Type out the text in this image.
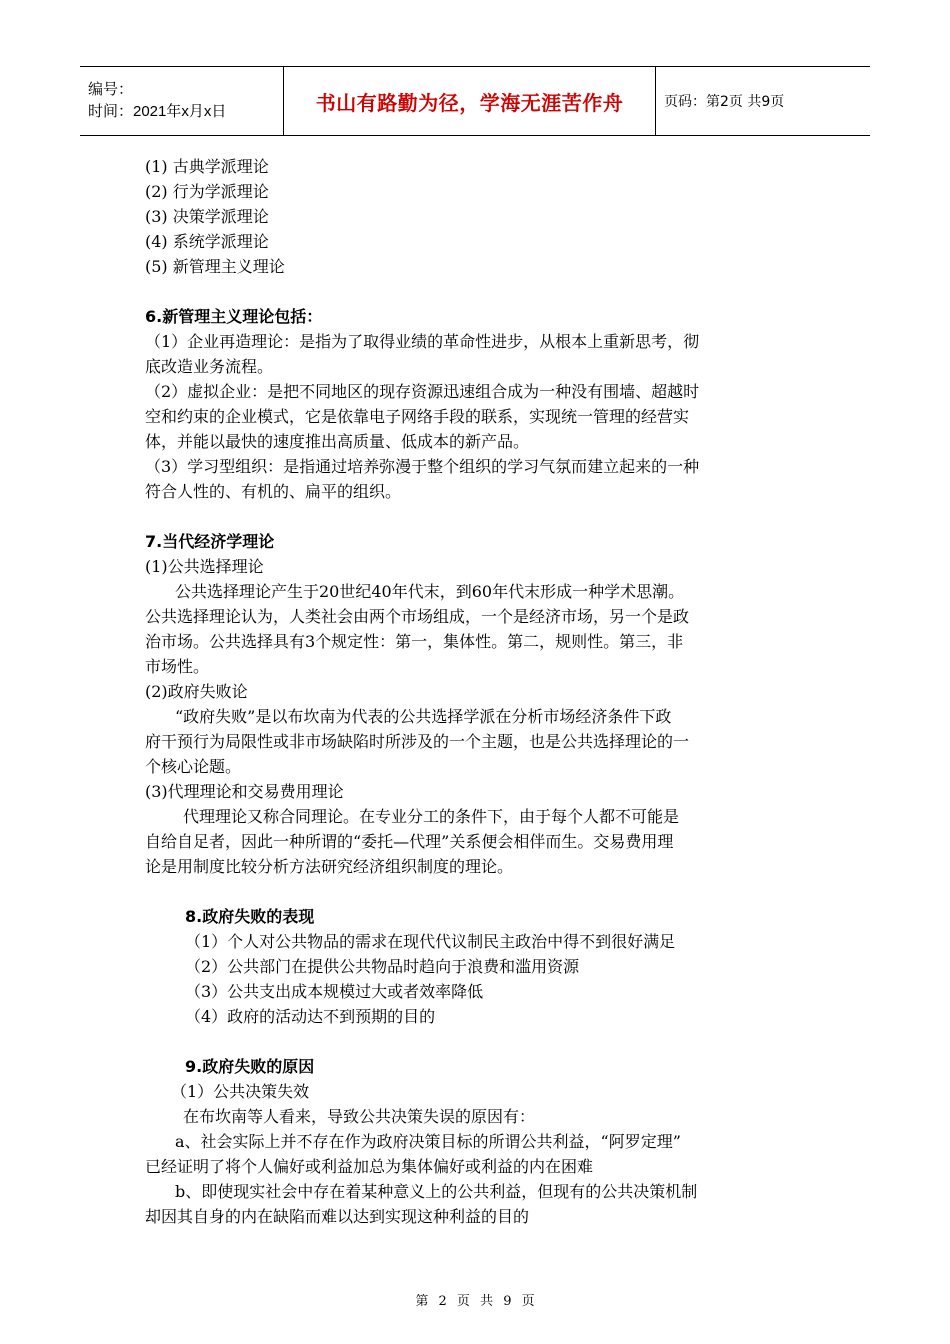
编号：
时间：2021年x月x日	书山有路勤为径，学海无涯苦作舟	页码：第2页 共9页
(1) 古典学派理论
(2) 行为学派理论
(3) 决策学派理论
(4) 系统学派理论
(5) 新管理主义理论
6.新管理主义理论包括：
（1）企业再造理论：是指为了取得业绩的革命性进步，从根本上重新思考，彻
底改造业务流程。
（2）虚拟企业：是把不同地区的现存资源迅速组合成为一种没有围墙、超越时
空和约束的企业模式，它是依靠电子网络手段的联系，实现统一管理的经营实
体，并能以最快的速度推出高质量、低成本的新产品。
（3）学习型组织：是指通过培养弥漫于整个组织的学习气氛而建立起来的一种
符合人性的、有机的、扁平的组织。
7.当代经济学理论
(1)公共选择理论
公共选择理论产生于20世纪40年代末，到60年代末形成一种学术思潮。
公共选择理论认为，人类社会由两个市场组成，一个是经济市场，另一个是政
治市场。公共选择具有3个规定性：第一，集体性。第二，规则性。第三，非
市场性。
(2)政府失败论
“政府失败”是以布坎南为代表的公共选择学派在分析市场经济条件下政
府干预行为局限性或非市场缺陷时所涉及的一个主题，也是公共选择理论的一
个核心论题。
(3)代理理论和交易费用理论
代理理论又称合同理论。在专业分工的条件下，由于每个人都不可能是
自给自足者，因此一种所谓的“委托—代理”关系便会相伴而生。交易费用理
论是用制度比较分析方法研究经济组织制度的理论。
8.政府失败的表现
（1）个人对公共物品的需求在现代代议制民主政治中得不到很好满足
（2）公共部门在提供公共物品时趋向于浪费和滥用资源
（3）公共支出成本规模过大或者效率降低
（4）政府的活动达不到预期的目的
9.政府失败的原因
（1）公共决策失效
在布坎南等人看来，导致公共决策失误的原因有：
a、社会实际上并不存在作为政府决策目标的所谓公共利益，“阿罗定理”
已经证明了将个人偏好或利益加总为集体偏好或利益的内在困难
b、即使现实社会中存在着某种意义上的公共利益，但现有的公共决策机制
却因其自身的内在缺陷而难以达到实现这种利益的目的
第 2 页 共 9 页
